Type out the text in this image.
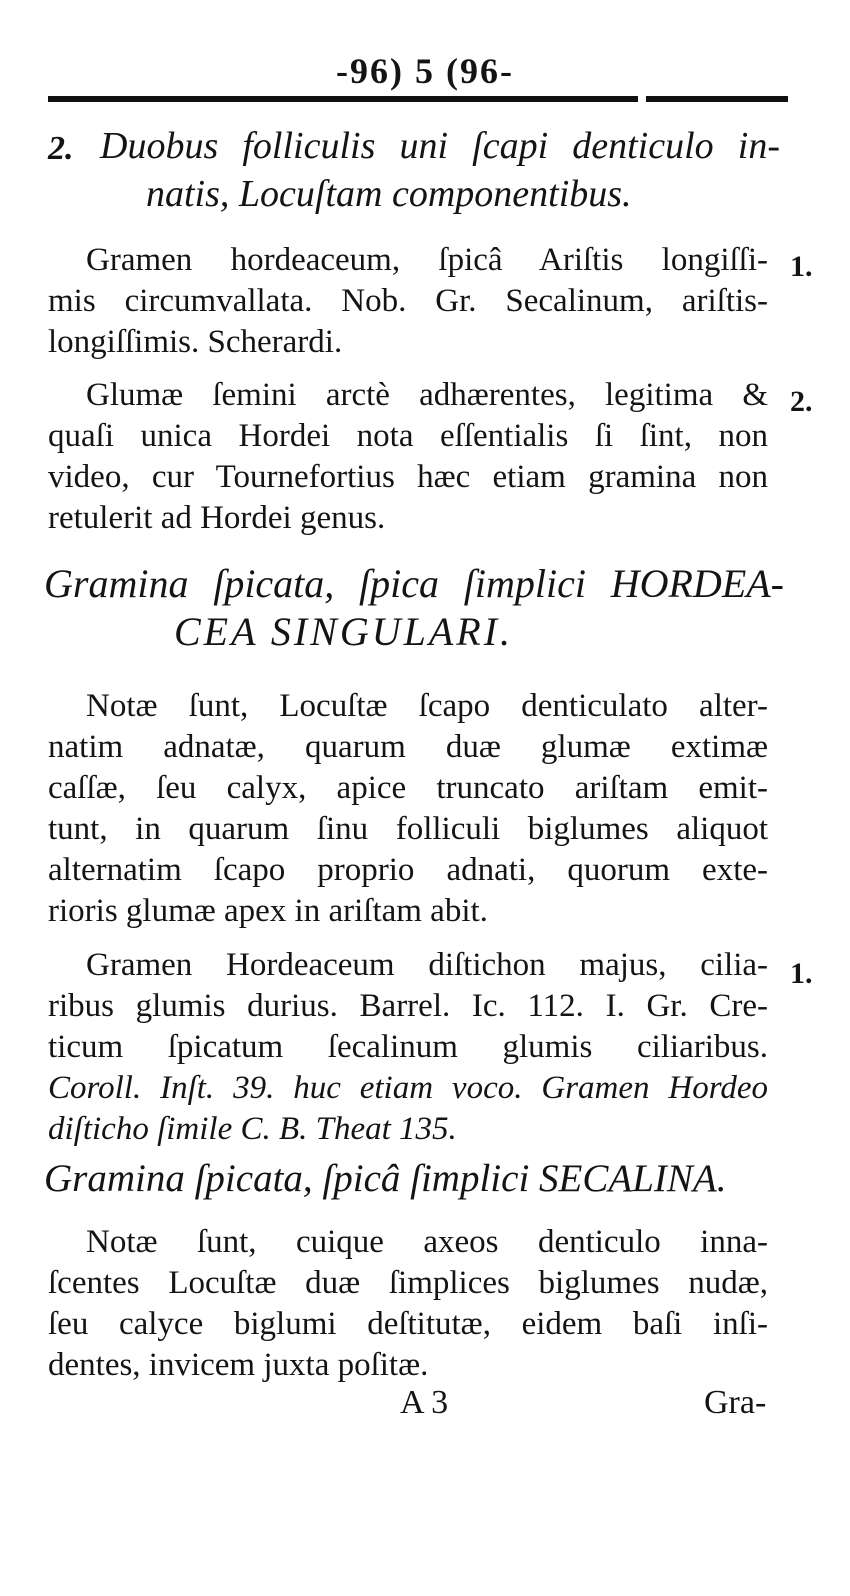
-96) 5 (96-
2. Duobus folliculis uni ſcapi denticulo in-
natis, Locuſtam componentibus.
1.
Gramen hordeaceum, ſpicâ Ariſtis longiſſi-
mis circumvallata. Nob. Gr. Secalinum, ariſtis-
longiſſimis. Scherardi.
2.
Glumæ ſemini arctè adhærentes, legitima &
quaſi unica Hordei nota eſſentialis ſi ſint, non
video, cur Tournefortius hæc etiam gramina non
retulerit ad Hordei genus.
Gramina ſpicata, ſpica ſimplici HORDEA-
CEA SINGULARI.
Notæ ſunt, Locuſtæ ſcapo denticulato alter-
natim adnatæ, quarum duæ glumæ extimæ
caſſæ, ſeu calyx, apice truncato ariſtam emit-
tunt, in quarum ſinu folliculi biglumes aliquot
alternatim ſcapo proprio adnati, quorum exte-
rioris glumæ apex in ariſtam abit.
1.
Gramen Hordeaceum diſtichon majus, cilia-
ribus glumis durius. Barrel. Ic. 112. I. Gr. Cre-
ticum ſpicatum ſecalinum glumis ciliaribus.
Coroll. Inſt. 39. huc etiam voco. Gramen Hordeo
diſticho ſimile C. B. Theat 135.
Gramina ſpicata, ſpicâ ſimplici SECALINA.
Notæ ſunt, cuique axeos denticulo inna-
ſcentes Locuſtæ duæ ſimplices biglumes nudæ,
ſeu calyce biglumi deſtitutæ, eidem baſi inſi-
dentes, invicem juxta poſitæ.
A 3	Gra-
